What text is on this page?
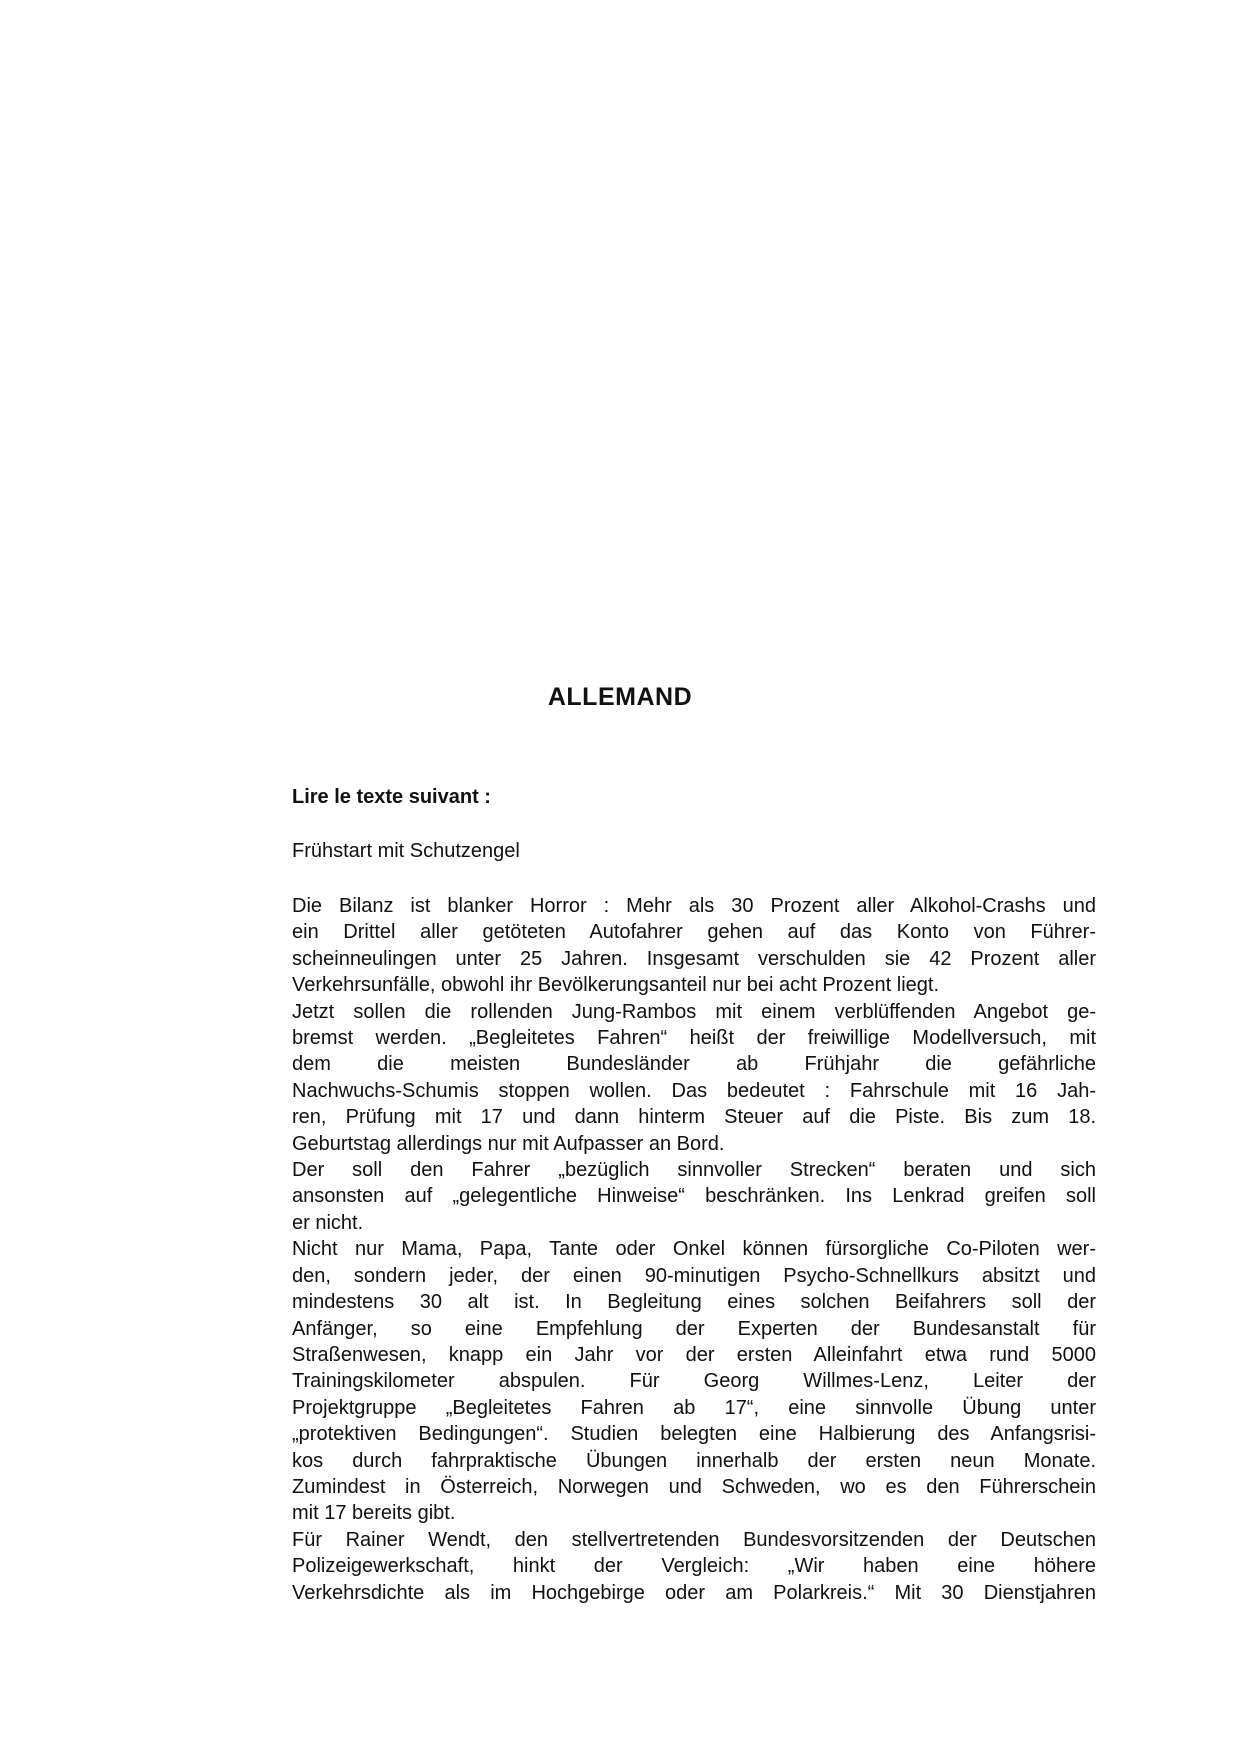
ALLEMAND

Lire le texte suivant :

Frühstart mit Schutzengel

Die Bilanz ist blanker Horror : Mehr als 30 Prozent aller Alkohol-Crashs und
ein Drittel aller getöteten Autofahrer gehen auf das Konto von Führer-
scheinneulingen unter 25 Jahren. Insgesamt verschulden sie 42 Prozent aller
Verkehrsunfälle, obwohl ihr Bevölkerungsanteil nur bei acht Prozent liegt.

Jetzt sollen die rollenden Jung-Rambos mit einem verblüffenden Angebot ge-
bremst werden. „Begleitetes Fahren“ heißt der freiwillige Modellversuch, mit
dem die meisten Bundesländer ab Frühjahr die gefährliche
Nachwuchs-Schumis stoppen wollen. Das bedeutet : Fahrschule mit 16 Jah-
ren, Prüfung mit 17 und dann hinterm Steuer auf die Piste. Bis zum 18.
Geburtstag allerdings nur mit Aufpasser an Bord.

Der soll den Fahrer „bezüglich sinnvoller Strecken“ beraten und sich
ansonsten auf „gelegentliche Hinweise“ beschränken. Ins Lenkrad greifen soll
er nicht.

Nicht nur Mama, Papa, Tante oder Onkel können fürsorgliche Co-Piloten wer-
den, sondern jeder, der einen 90-minutigen Psycho-Schnellkurs absitzt und
mindestens 30 alt ist. In Begleitung eines solchen Beifahrers soll der
Anfänger, so eine Empfehlung der Experten der Bundesanstalt für
Straßenwesen, knapp ein Jahr vor der ersten Alleinfahrt etwa rund 5000
Trainingskilometer abspulen. Für Georg Willmes-Lenz, Leiter der
Projektgruppe „Begleitetes Fahren ab 17“, eine sinnvolle Übung unter
„protektiven Bedingungen“. Studien belegten eine Halbierung des Anfangsrisi-
kos durch fahrpraktische Übungen innerhalb der ersten neun Monate.
Zumindest in Österreich, Norwegen und Schweden, wo es den Führerschein
mit 17 bereits gibt.

Für Rainer Wendt, den stellvertretenden Bundesvorsitzenden der Deutschen
Polizeigewerkschaft, hinkt der Vergleich: „Wir haben eine höhere
Verkehrsdichte als im Hochgebirge oder am Polarkreis.“ Mit 30 Dienstjahren
